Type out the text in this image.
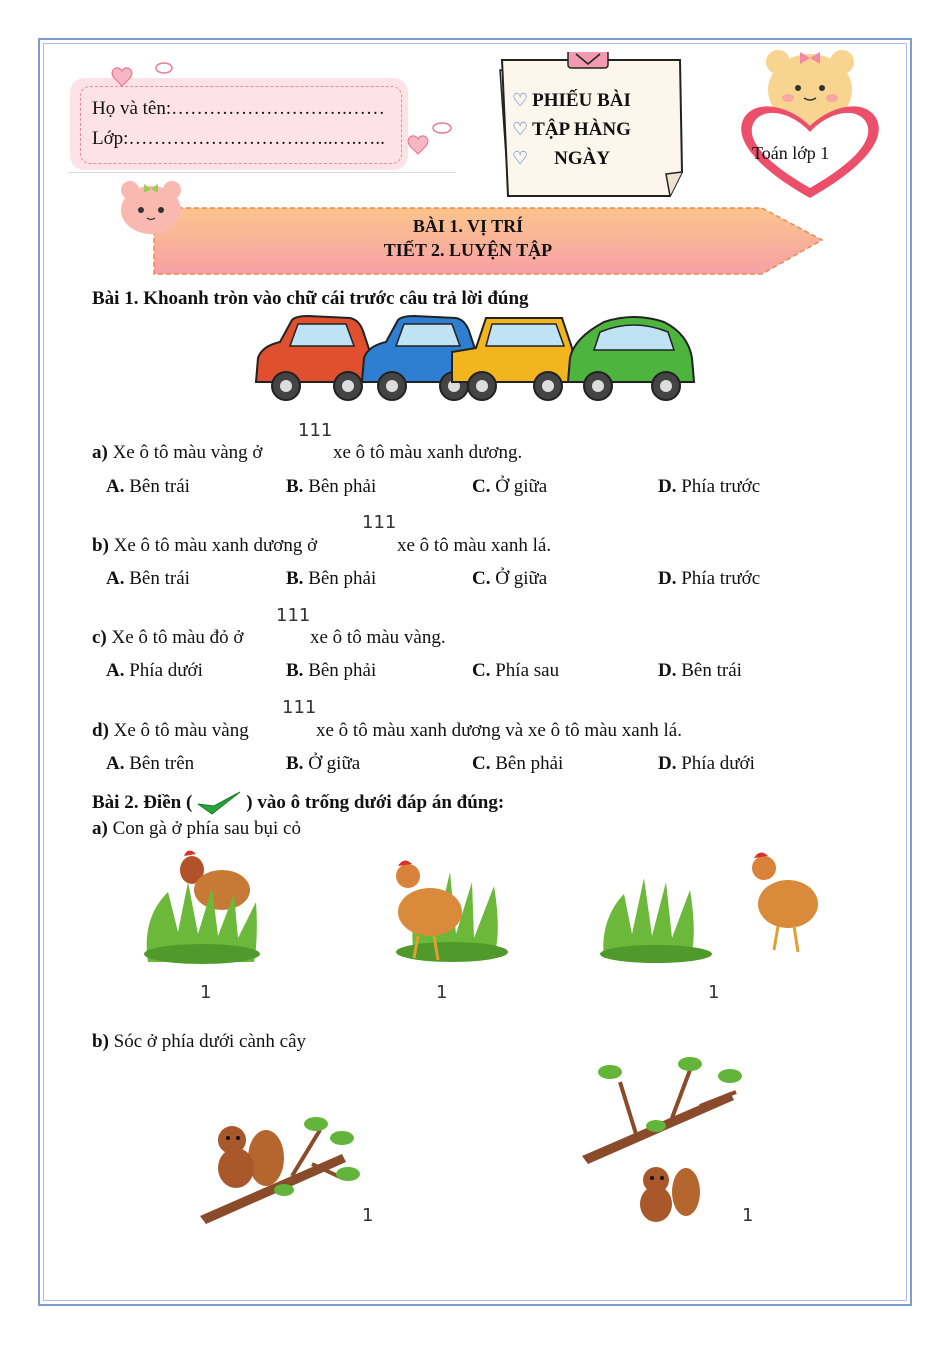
Họ và tên:……………………….……
Lớp:……………………….…..….…..
♡ PHIẾU BÀI
♡ TẬP HÀNG
♡ NGÀY	Toán lớp 1
BÀI 1. VỊ TRÍ
TIẾT 2. LUYỆN TẬP
Bài 1. Khoanh tròn vào chữ cái trước câu trả lời đúng
111
a) Xe ô tô màu vàng ở	xe ô tô màu xanh dương.
A. Bên trái	B. Bên phải	C. Ở giữa	D. Phía trước
111
b) Xe ô tô màu xanh dương ở	xe ô tô màu xanh lá.
A. Bên trái	B. Bên phải	C. Ở giữa	D. Phía trước
111
c) Xe ô tô màu đỏ ở	xe ô tô màu vàng.
A. Phía dưới	B. Bên phải	C. Phía sau	D. Bên trái
111
d) Xe ô tô màu vàng	xe ô tô màu xanh dương và xe ô tô màu xanh lá.
A. Bên trên	B. Ở giữa	C. Bên phải	D. Phía dưới
Bài 2. Điền (	) vào ô trống dưới đáp án đúng:
a) Con gà ở phía sau bụi cỏ
1	1	1
b) Sóc ở phía dưới cành cây
1	1
